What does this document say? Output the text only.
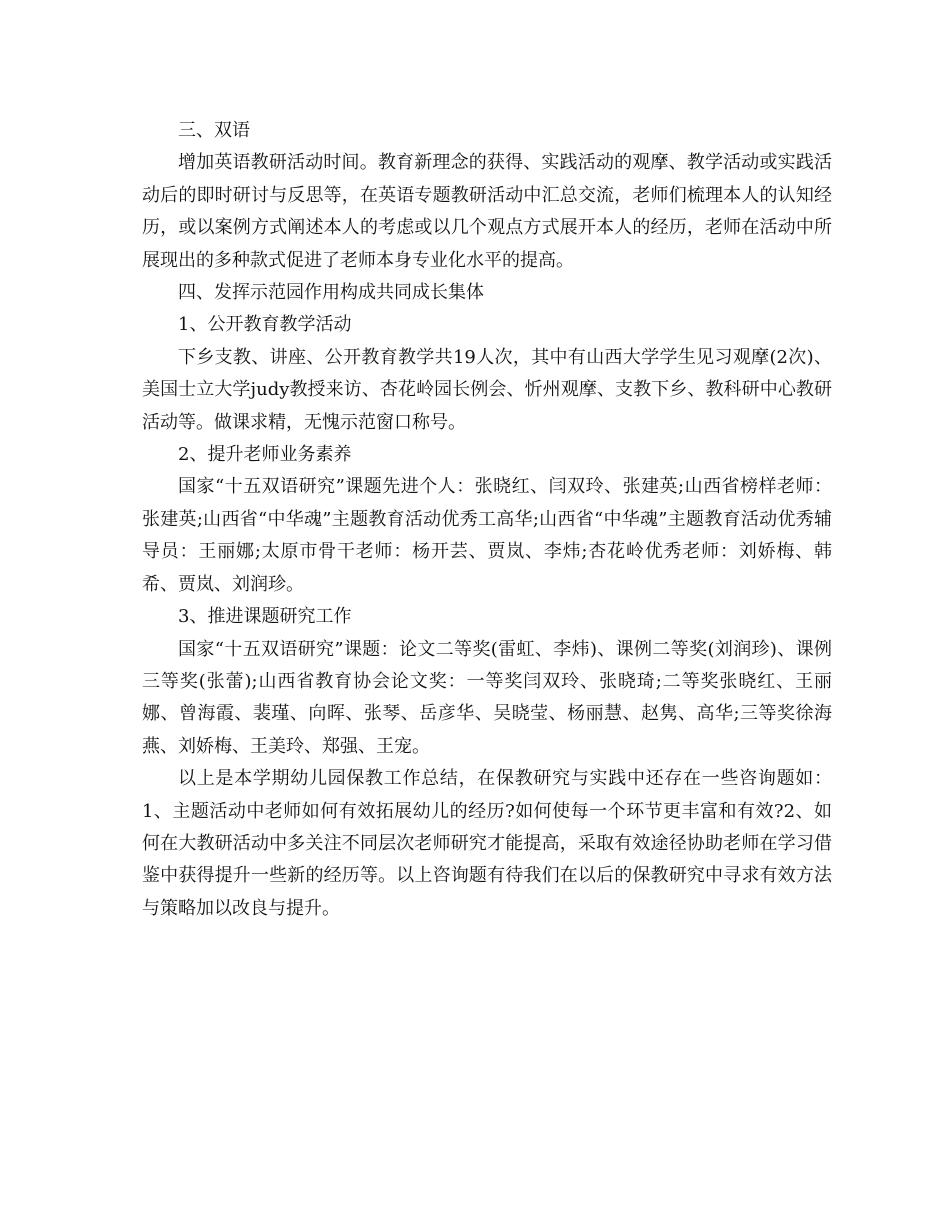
三、双语

增加英语教研活动时间。教育新理念的获得、实践活动的观摩、教学活动或实践活动后的即时研讨与反思等，在英语专题教研活动中汇总交流，老师们梳理本人的认知经历，或以案例方式阐述本人的考虑或以几个观点方式展开本人的经历，老师在活动中所展现出的多种款式促进了老师本身专业化水平的提高。

四、发挥示范园作用构成共同成长集体

1、公开教育教学活动

下乡支教、讲座、公开教育教学共19人次，其中有山西大学学生见习观摩(2次)、美国士立大学judy教授来访、杏花岭园长例会、忻州观摩、支教下乡、教科研中心教研活动等。做课求精，无愧示范窗口称号。

2、提升老师业务素养

国家“十五双语研究”课题先进个人：张晓红、闫双玲、张建英;山西省榜样老师：张建英;山西省“中华魂”主题教育活动优秀工高华;山西省“中华魂”主题教育活动优秀辅导员：王丽娜;太原市骨干老师：杨开芸、贾岚、李炜;杏花岭优秀老师：刘娇梅、韩希、贾岚、刘润珍。

3、推进课题研究工作

国家“十五双语研究”课题：论文二等奖(雷虹、李炜)、课例二等奖(刘润珍)、课例三等奖(张蕾);山西省教育协会论文奖：一等奖闫双玲、张晓琦;二等奖张晓红、王丽娜、曾海霞、裴瑾、向晖、张琴、岳彦华、吴晓莹、杨丽慧、赵隽、高华;三等奖徐海燕、刘娇梅、王美玲、郑强、王宠。

以上是本学期幼儿园保教工作总结，在保教研究与实践中还存在一些咨询题如：1、主题活动中老师如何有效拓展幼儿的经历?如何使每一个环节更丰富和有效?2、如何在大教研活动中多关注不同层次老师研究才能提高，采取有效途径协助老师在学习借鉴中获得提升一些新的经历等。以上咨询题有待我们在以后的保教研究中寻求有效方法与策略加以改良与提升。
